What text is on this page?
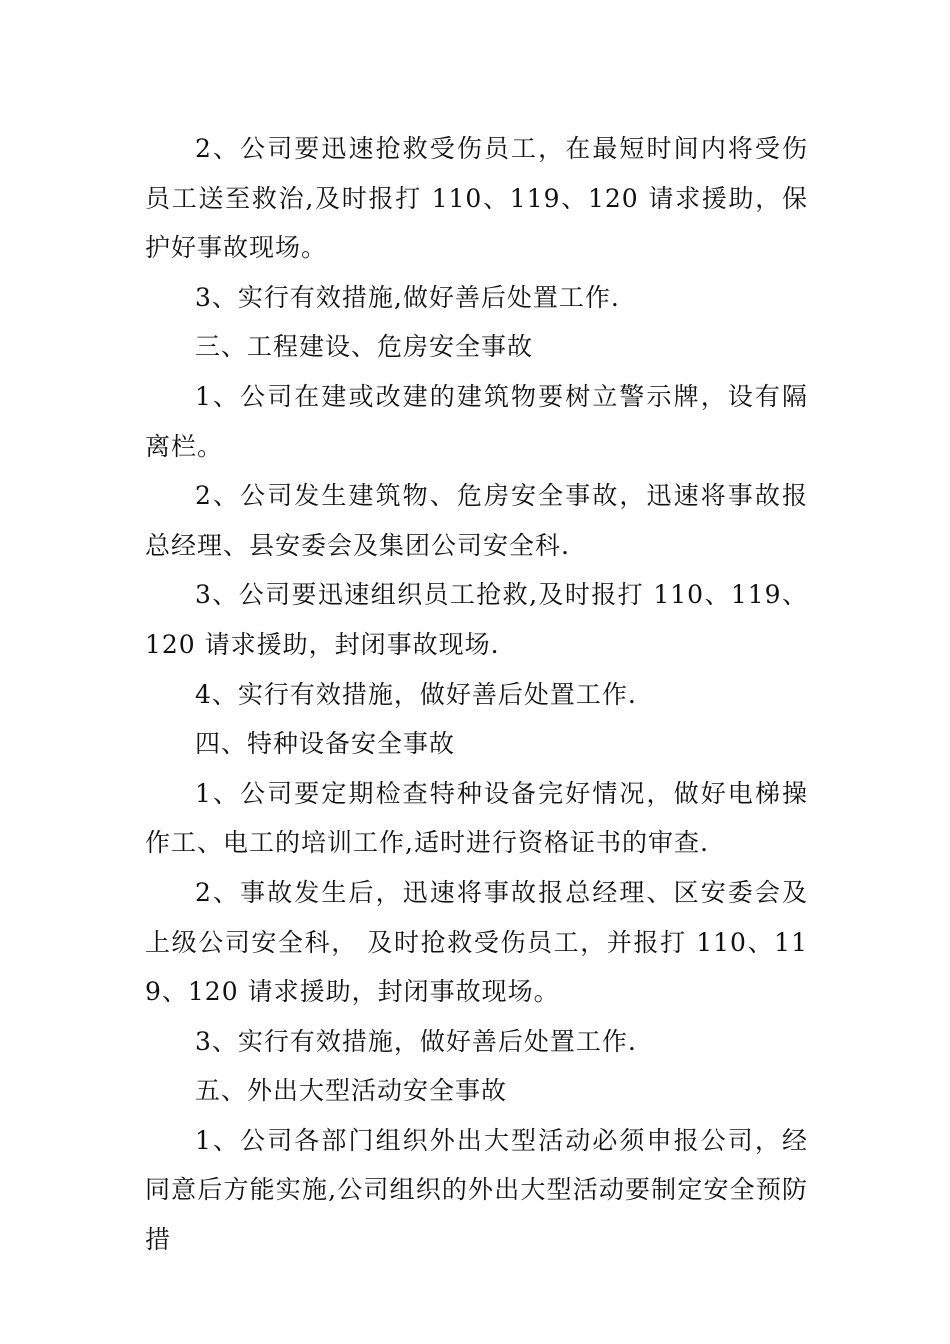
2、公司要迅速抢救受伤员工，在最短时间内将受伤员工送至救治,及时报打 110、119、120 请求援助，保护好事故现场。

3、实行有效措施,做好善后处置工作.

三、工程建设、危房安全事故

1、公司在建或改建的建筑物要树立警示牌，设有隔离栏。

2、公司发生建筑物、危房安全事故，迅速将事故报总经理、县安委会及集团公司安全科.

3、公司要迅速组织员工抢救,及时报打 110、119、120 请求援助，封闭事故现场.

4、实行有效措施，做好善后处置工作.

四、特种设备安全事故

1、公司要定期检查特种设备完好情况，做好电梯操作工、电工的培训工作,适时进行资格证书的审查.

2、事故发生后，迅速将事故报总经理、区安委会及上级公司安全科， 及时抢救受伤员工，并报打 110、119、120 请求援助，封闭事故现场。

3、实行有效措施，做好善后处置工作.

五、外出大型活动安全事故

1、公司各部门组织外出大型活动必须申报公司，经同意后方能实施,公司组织的外出大型活动要制定安全预防措
